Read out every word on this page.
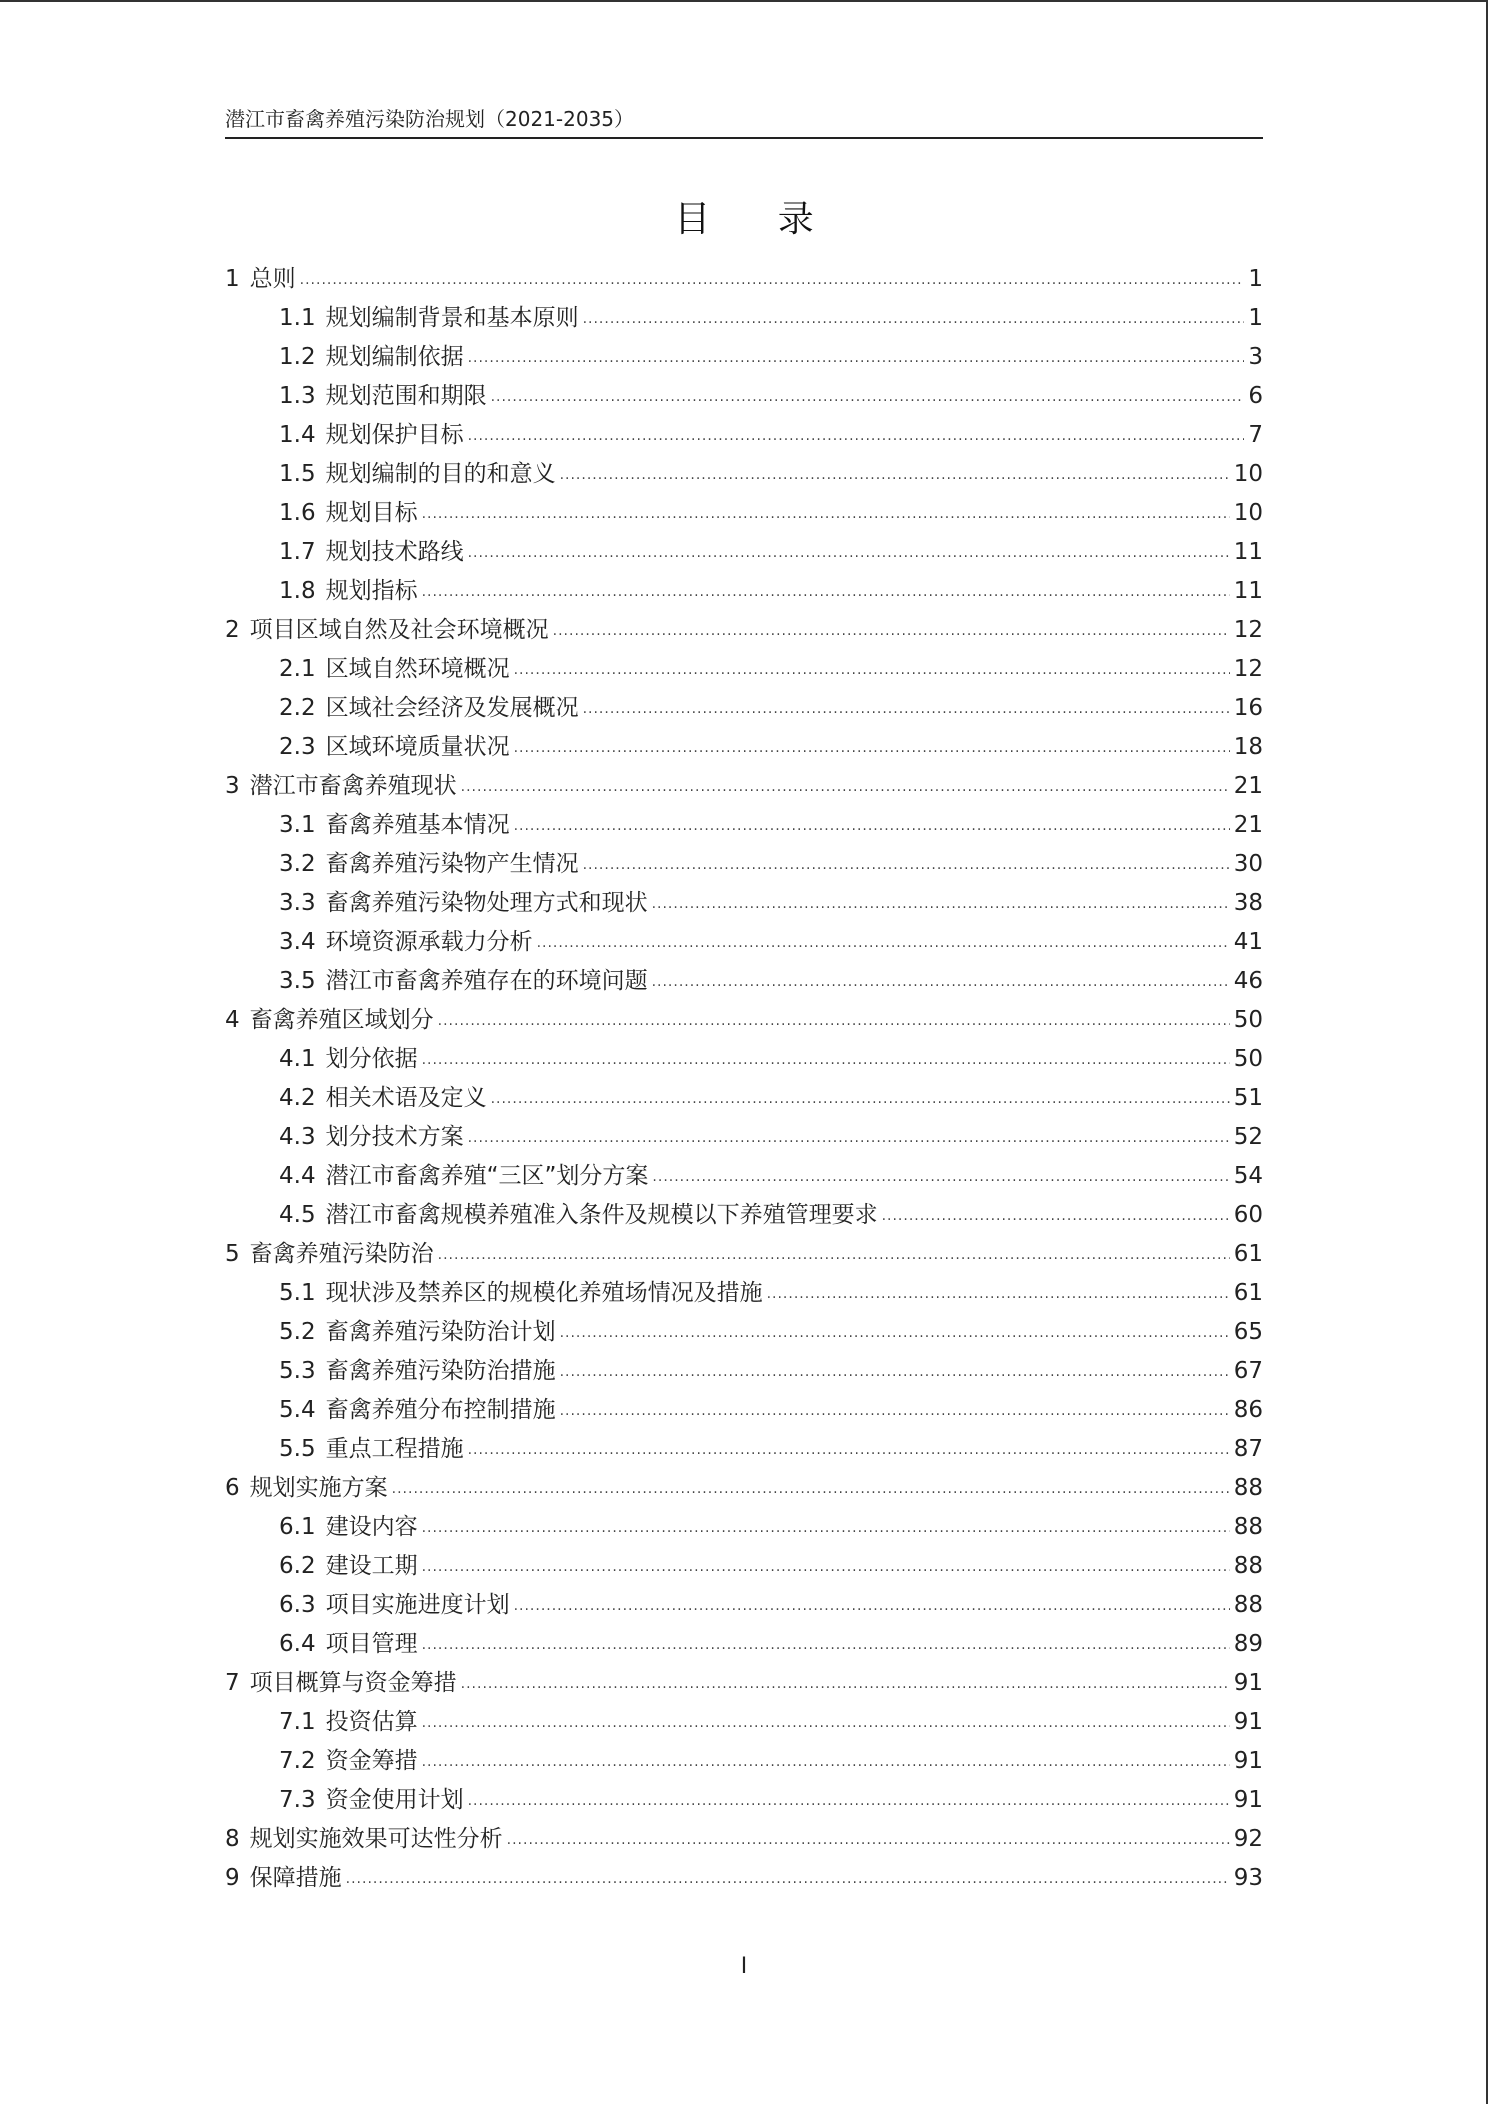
潜江市畜禽养殖污染防治规划（2021-2035）
目 录
1 总则 .....	1
1.1 规划编制背景和基本原则 .....	1
1.2 规划编制依据 .....	3
1.3 规划范围和期限 .....	6
1.4 规划保护目标 .....	7
1.5 规划编制的目的和意义 .....	10
1.6 规划目标 .....	10
1.7 规划技术路线 .....	11
1.8 规划指标 .....	11
2 项目区域自然及社会环境概况 .....	12
2.1 区域自然环境概况 .....	12
2.2 区域社会经济及发展概况 .....	16
2.3 区域环境质量状况 .....	18
3 潜江市畜禽养殖现状 .....	21
3.1 畜禽养殖基本情况 .....	21
3.2 畜禽养殖污染物产生情况 .....	30
3.3 畜禽养殖污染物处理方式和现状 .....	38
3.4 环境资源承载力分析 .....	41
3.5 潜江市畜禽养殖存在的环境问题 .....	46
4 畜禽养殖区域划分 .....	50
4.1 划分依据 .....	50
4.2 相关术语及定义 .....	51
4.3 划分技术方案 .....	52
4.4 潜江市畜禽养殖“三区”划分方案 .....	54
4.5 潜江市畜禽规模养殖准入条件及规模以下养殖管理要求 .....	60
5 畜禽养殖污染防治 .....	61
5.1 现状涉及禁养区的规模化养殖场情况及措施 .....	61
5.2 畜禽养殖污染防治计划 .....	65
5.3 畜禽养殖污染防治措施 .....	67
5.4 畜禽养殖分布控制措施 .....	86
5.5 重点工程措施 .....	87
6 规划实施方案 .....	88
6.1 建设内容 .....	88
6.2 建设工期 .....	88
6.3 项目实施进度计划 .....	88
6.4 项目管理 .....	89
7 项目概算与资金筹措 .....	91
7.1 投资估算 .....	91
7.2 资金筹措 .....	91
7.3 资金使用计划 .....	91
8 规划实施效果可达性分析 .....	92
9 保障措施 .....	93
I
